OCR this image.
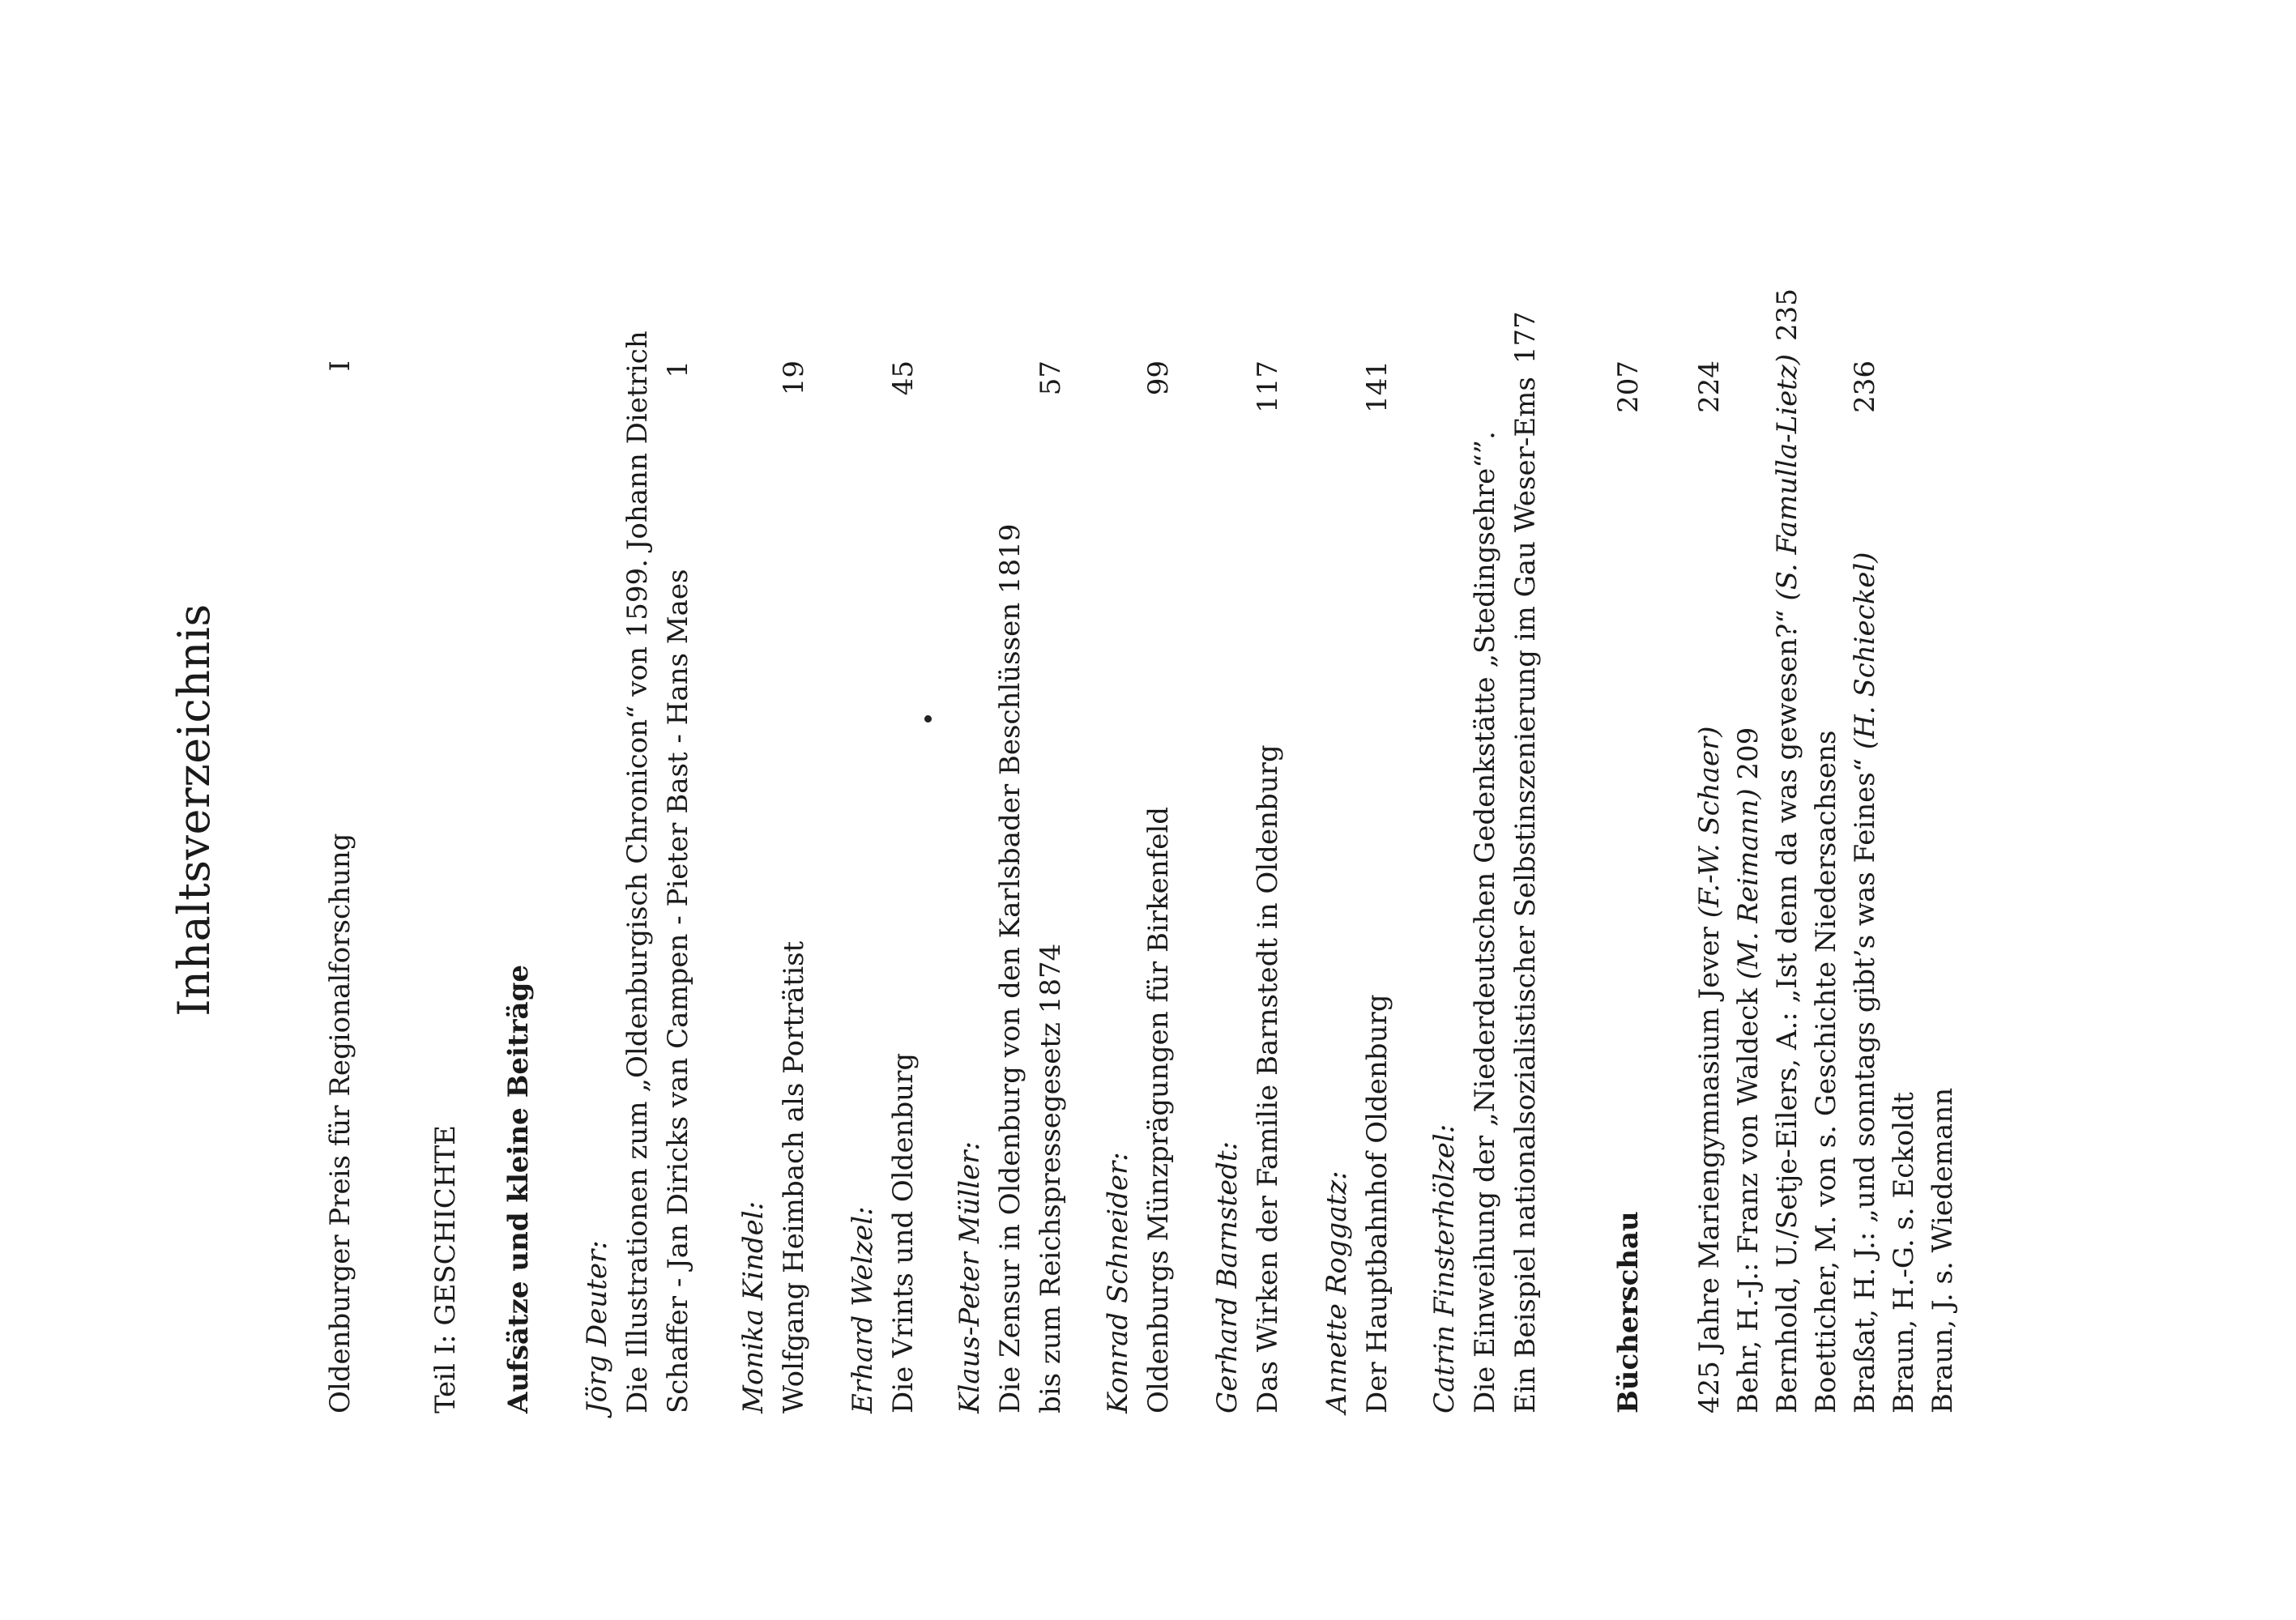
Inhaltsverzeichnis
Oldenburger Preis für Regionalforschung
I
Teil I: GESCHICHTE Aufsätze und kleine Beiträge Jörg Deuter: Die Illustrationen zum „Oldenburgisch Chronicon“ von 1599. Johann Dietrich Schaffer - Jan Diricks van Campen - Pieter Bast - Hans Maes
1
Monika Kindel: Wolfgang Heimbach als Porträtist
19
Erhard Welzel: Die Vrints und Oldenburg
45
Klaus-Peter Müller: Die Zensur in Oldenburg von den Karlsbader Beschlüssen 1819 bis zum Reichspressegesetz 1874
57
Konrad Schneider: Oldenburgs Münzprägungen für Birkenfeld
99
Gerhard Barnstedt: Das Wirken der Familie Barnstedt in Oldenburg
117
Annette Roggatz: Der Hauptbahnhof Oldenburg
141
Catrin Finsterhölzel: Die Einweihung der „Niederdeutschen Gedenkstätte „Stedingsehre“”. Ein Beispiel nationalsozialistischer Selbstinszenierung im Gau Weser-Ems
177
Bücherschau
207
425 Jahre Mariengymnasium Jever (F.-W. Schaer)
224
Behr, H.-J.: Franz von Waldeck (M. Reimann) 209 Bernhold, U./Setje-Eilers, A.: „Ist denn da was gewesen?“ (S. Famulla-Lietz)
235
Boetticher, M. von s. Geschichte Niedersachsens Braßat, H. J.: „und sonntags gibt’s was Feines“ (H. Schieckel)
236
Braun, H.-G. s. Eckoldt Braun, J. s. Wiedemann
